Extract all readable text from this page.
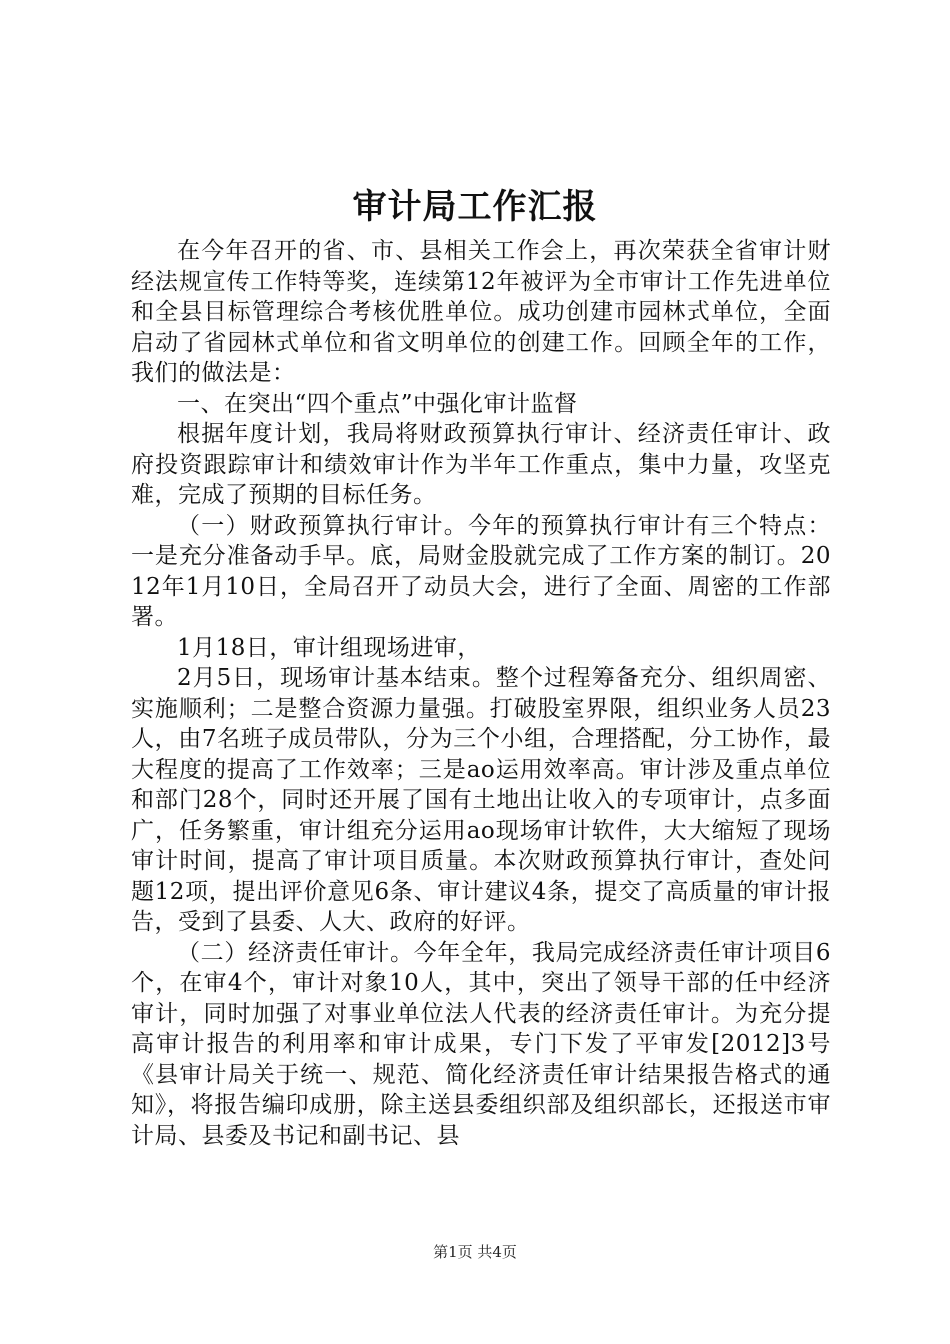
审计局工作汇报

在今年召开的省、市、县相关工作会上，再次荣获全省审计财经法规宣传工作特等奖，连续第12年被评为全市审计工作先进单位和全县目标管理综合考核优胜单位。成功创建市园林式单位，全面启动了省园林式单位和省文明单位的创建工作。回顾全年的工作，我们的做法是：

一、在突出“四个重点”中强化审计监督

根据年度计划，我局将财政预算执行审计、经济责任审计、政府投资跟踪审计和绩效审计作为半年工作重点，集中力量，攻坚克难，完成了预期的目标任务。

（一）财政预算执行审计。今年的预算执行审计有三个特点：一是充分准备动手早。底，局财金股就完成了工作方案的制订。2012年1月10日，全局召开了动员大会，进行了全面、周密的工作部署。

1月18日，审计组现场进审，

2月5日，现场审计基本结束。整个过程筹备充分、组织周密、实施顺利；二是整合资源力量强。打破股室界限，组织业务人员23人，由7名班子成员带队，分为三个小组，合理搭配，分工协作，最大程度的提高了工作效率；三是ao运用效率高。审计涉及重点单位和部门28个，同时还开展了国有土地出让收入的专项审计，点多面广，任务繁重，审计组充分运用ao现场审计软件，大大缩短了现场审计时间，提高了审计项目质量。本次财政预算执行审计，查处问题12项，提出评价意见6条、审计建议4条，提交了高质量的审计报告，受到了县委、人大、政府的好评。

（二）经济责任审计。今年全年，我局完成经济责任审计项目6个，在审4个，审计对象10人，其中，突出了领导干部的任中经济审计，同时加强了对事业单位法人代表的经济责任审计。为充分提高审计报告的利用率和审计成果，专门下发了平审发[2012]3号《县审计局关于统一、规范、简化经济责任审计结果报告格式的通知》，将报告编印成册，除主送县委组织部及组织部长，还报送市审计局、县委及书记和副书记、县

第1页 共4页
